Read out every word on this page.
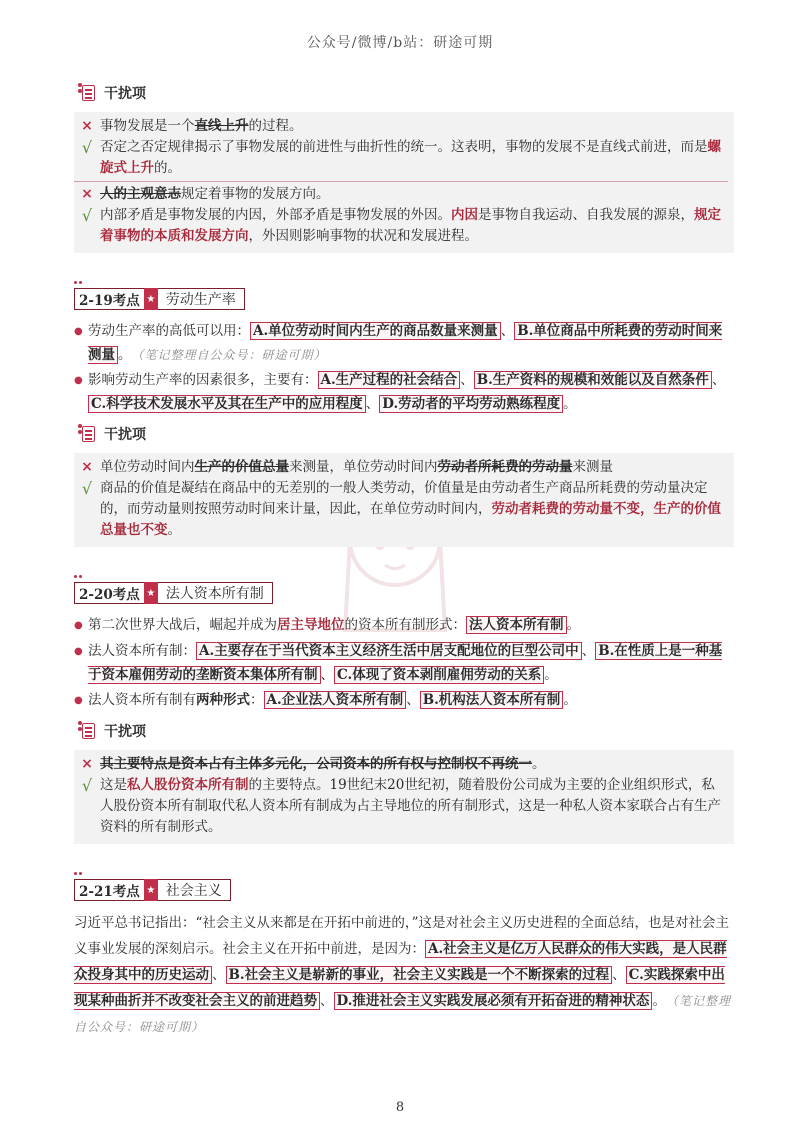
公众号/微博/b站：研途可期
干扰项
× 事物发展是一个直线上升的过程。
√ 否定之否定规律揭示了事物发展的前进性与曲折性的统一。这表明，事物的发展不是直线式前进，而是螺旋式上升的。
× 人的主观意志规定着事物的发展方向。
√ 内部矛盾是事物发展的内因，外部矛盾是事物发展的外因。内因是事物自我运动、自我发展的源泉，规定着事物的本质和发展方向，外因则影响事物的状况和发展进程。
2-19考点 ★ 劳动生产率
● 劳动生产率的高低可以用： A.单位劳动时间内生产的商品数量来测量 、 B.单位商品中所耗费的劳动时间来测量 。 （笔记整理自公众号：研途可期）
● 影响劳动生产率的因素很多，主要有： A.生产过程的社会结合 、 B.生产资料的规模和效能以及自然条件 、C.科学技术发展水平及其在生产中的应用程度 、 D.劳动者的平均劳动熟练程度 。
干扰项
× 单位劳动时间内生产的价值总量来测量，单位劳动时间内劳动者所耗费的劳动量来测量
√ 商品的价值是凝结在商品中的无差别的一般人类劳动，价值量是由劳动者生产商品所耗费的劳动量决定的，而劳动量则按照劳动时间来计量，因此，在单位劳动时间内，劳动者耗费的劳动量不变，生产的价值总量也不变。
2-20考点 ★ 法人资本所有制
● 第二次世界大战后，崛起并成为居主导地位的资本所有制形式： 法人资本所有制 。
● 法人资本所有制： A.主要存在于当代资本主义经济生活中居支配地位的巨型公司中 、 B.在性质上是一种基于资本雇佣劳动的垄断资本集体所有制 、 C.体现了资本剥削雇佣劳动的关系 。
● 法人资本所有制有两种形式： A.企业法人资本所有制 、 B.机构法人资本所有制 。
干扰项
× 其主要特点是资本占有主体多元化，公司资本的所有权与控制权不再统一。
√ 这是私人股份资本所有制的主要特点。19世纪末20世纪初，随着股份公司成为主要的企业组织形式，私人股份资本所有制取代私人资本所有制成为占主导地位的所有制形式，这是一种私人资本家联合占有生产资料的所有制形式。
2-21考点 ★ 社会主义
习近平总书记指出：“社会主义从来都是在开拓中前进的，”这是对社会主义历史进程的全面总结，也是对社会主义事业发展的深刻启示。社会主义在开拓中前进，是因为： A.社会主义是亿万人民群众的伟大实践，是人民群众投身其中的历史运动 、 B.社会主义是崭新的事业，社会主义实践是一个不断探索的过程 、 C.实践探索中出现某种曲折并不改变社会主义的前进趋势 、 D.推进社会主义实践发展必须有开拓奋进的精神状态 。 （笔记整理自公众号：研途可期）
8
